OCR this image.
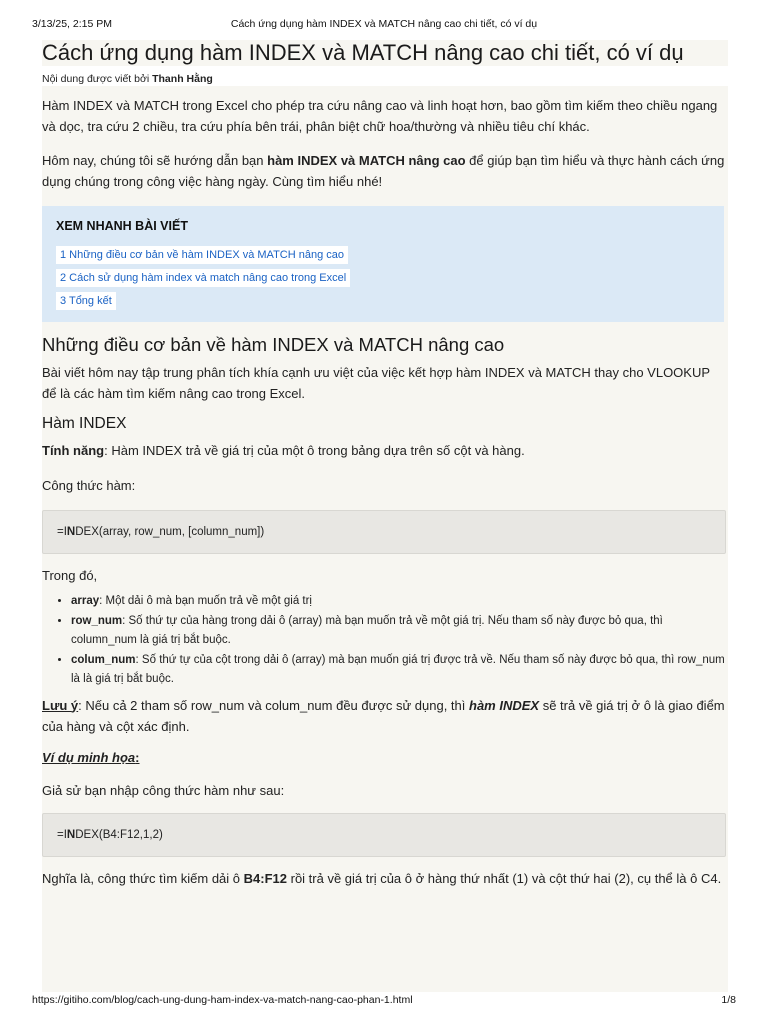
3/13/25, 2:15 PM	Cách ứng dụng hàm INDEX và MATCH nâng cao chi tiết, có ví dụ
Cách ứng dụng hàm INDEX và MATCH nâng cao chi tiết, có ví dụ
Nội dung được viết bởi Thanh Hằng

Hàm INDEX và MATCH trong Excel cho phép tra cứu nâng cao và linh hoạt hơn, bao gồm tìm kiếm theo chiều ngang và dọc, tra cứu 2 chiều, tra cứu phía bên trái, phân biệt chữ hoa/thường và nhiều tiêu chí khác.

Hôm nay, chúng tôi sẽ hướng dẫn bạn hàm INDEX và MATCH nâng cao để giúp bạn tìm hiểu và thực hành cách ứng dụng chúng trong công việc hàng ngày. Cùng tìm hiểu nhé!

XEM NHANH BÀI VIẾT
1 Những điều cơ bản về hàm INDEX và MATCH nâng cao
2 Cách sử dụng hàm index và match nâng cao trong Excel
3 Tổng kết
Những điều cơ bản về hàm INDEX và MATCH nâng cao

Bài viết hôm nay tập trung phân tích khía cạnh ưu việt của việc kết hợp hàm INDEX và MATCH thay cho VLOOKUP để là các hàm tìm kiếm nâng cao trong Excel.

Hàm INDEX

Tính năng: Hàm INDEX trả về giá trị của một ô trong bảng dựa trên số cột và hàng.

Công thức hàm:

=INDEX(array, row_num, [column_num])

Trong đó,

• array: Một dải ô mà bạn muốn trả về một giá trị
• row_num: Số thứ tự của hàng trong dải ô (array) mà bạn muốn trả về một giá trị. Nếu tham số này được bỏ qua, thì column_num là giá trị bắt buộc.
• colum_num: Số thứ tự của cột trong dải ô (array) mà bạn muốn giá trị được trả về. Nếu tham số này được bỏ qua, thì row_num là là giá trị bắt buộc.

Lưu ý: Nếu cả 2 tham số row_num và colum_num đều được sử dụng, thì hàm INDEX sẽ trả về giá trị ở ô là giao điểm của hàng và cột xác định.

Ví dụ minh họa:

Giả sử bạn nhập công thức hàm như sau:

=INDEX(B4:F12,1,2)

Nghĩa là, công thức tìm kiếm dải ô B4:F12 rồi trả về giá trị của ô ở hàng thứ nhất (1) và cột thứ hai (2), cụ thể là ô C4.

https://gitiho.com/blog/cach-ung-dung-ham-index-va-match-nang-cao-phan-1.html	1/8
